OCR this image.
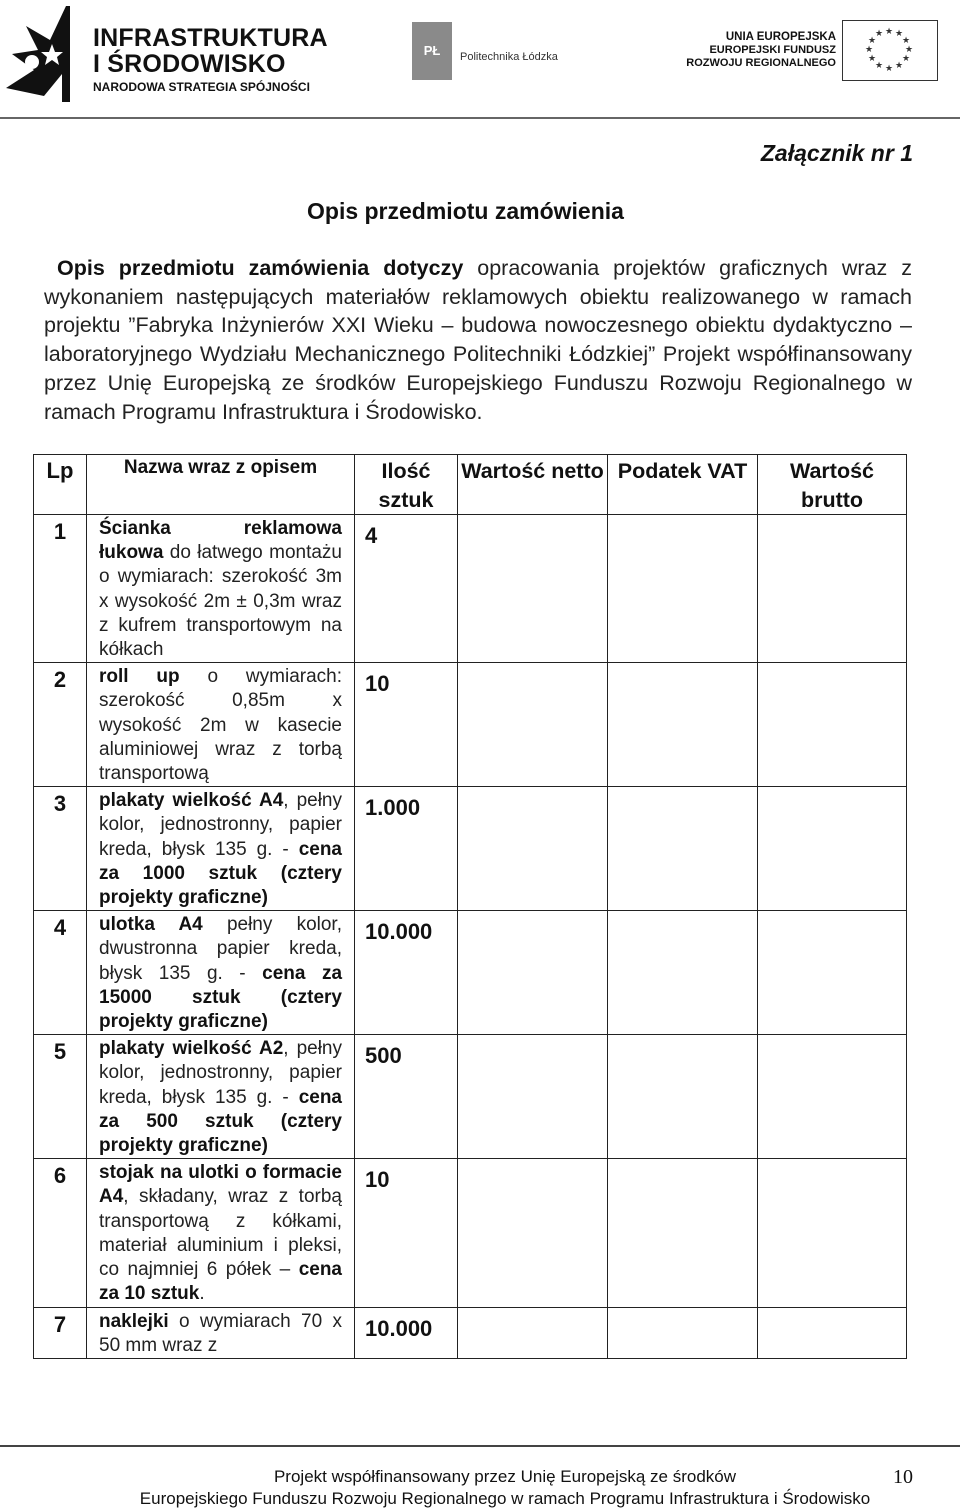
INFRASTRUKTURA
I ŚRODOWISKO
NARODOWA STRATEGIA SPÓJNOŚCI
PŁ	Politechnika Łódzka
UNIA EUROPEJSKA
EUROPEJSKI FUNDUSZ
ROZWOJU REGIONALNEGO
★ ★
★
★
★
★
★
★
★
★
★
★
Załącznik nr 1
Opis przedmiotu zamówienia
Opis przedmiotu zamówienia dotyczy opracowania projektów graficznych wraz z wykonaniem następujących materiałów reklamowych obiektu realizowanego w ramach projektu ”Fabryka Inżynierów XXI Wieku – budowa nowoczesnego obiektu dydaktyczno – laboratoryjnego Wydziału Mechanicznego Politechniki Łódzkiej” Projekt współfinansowany przez Unię Europejską ze środków Europejskiego Funduszu Rozwoju Regionalnego w ramach Programu Infrastruktura i Środowisko.
Lp	Nazwa wraz z opisem	Ilość sztuk	Wartość netto	Podatek VAT	Wartość brutto
1	Ścianka reklamowa łukowa do łatwego montażu o wymiarach: szerokość 3m x wysokość 2m ± 0,3m wraz z kufrem transportowym na kółkach	4			
2	roll up o wymiarach: szerokość 0,85m x wysokość 2m w kasecie aluminiowej wraz z torbą transportową	10			
3	plakaty wielkość A4, pełny kolor, jednostronny, papier kreda, błysk 135 g. - cena za 1000 sztuk (cztery projekty graficzne)	1.000			
4	ulotka A4 pełny kolor, dwustronna papier kreda, błysk 135 g. - cena za 15000 sztuk (cztery projekty graficzne)	10.000			
5	plakaty wielkość A2, pełny kolor, jednostronny, papier kreda, błysk 135 g. - cena za 500 sztuk (cztery projekty graficzne)	500			
6	stojak na ulotki o formacie A4, składany, wraz z torbą transportową z kółkami, materiał aluminium i pleksi, co najmniej 6 półek – cena za 10 sztuk.	10			
7	naklejki o wymiarach 70 x 50 mm wraz z	10.000			
Projekt współfinansowany przez Unię Europejską ze środków
Europejskiego Funduszu Rozwoju Regionalnego w ramach Programu Infrastruktura i Środowisko
10
